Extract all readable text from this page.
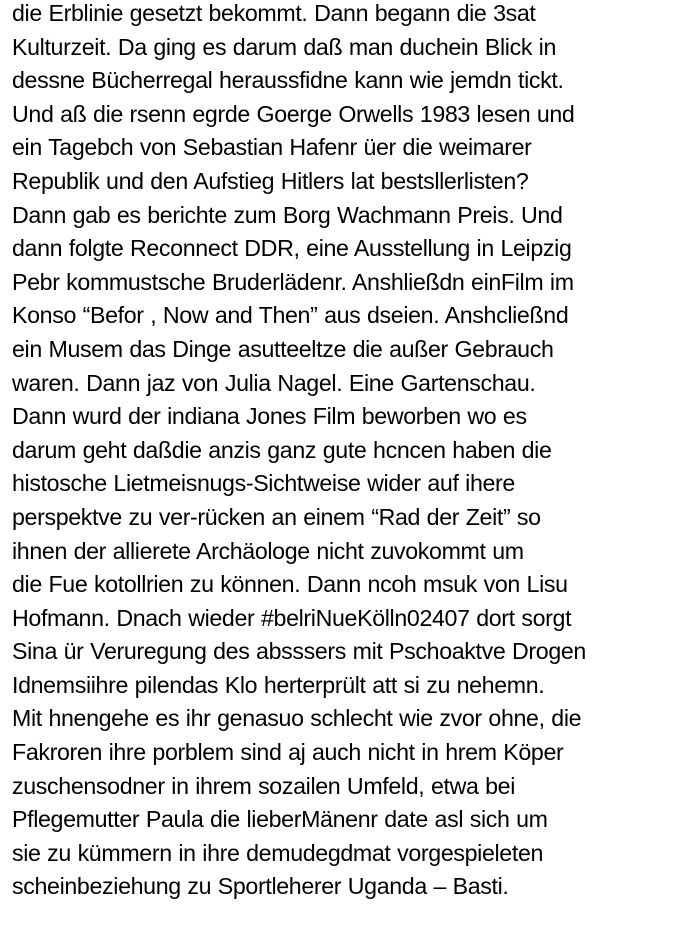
die Erblinie gesetzt bekommt. Dann begann die 3sat
Kulturzeit. Da ging es darum daß man duchein Blick in
dessne Bücherregal heraussfidne kann wie jemdn tickt.
Und aß die rsenn egrde Goerge Orwells 1983 lesen und
ein Tagebch von Sebastian Hafenr üer die weimarer
Republik und den Aufstieg Hitlers lat bestsllerlisten?
Dann gab es berichte zum Borg Wachmann Preis. Und
dann folgte Reconnect DDR, eine Ausstellung in Leipzig
Pebr kommustsche Bruderlädenr. Anshließdn einFilm im
Konso “Befor , Now and Then” aus dseien. Anshcließnd
ein Musem das Dinge asutteeltze die außer Gebrauch
waren. Dann jaz von Julia Nagel. Eine Gartenschau.
Dann wurd der indiana Jones Film beworben wo es
darum geht daßdie anzis ganz gute hcncen haben die
histosche Lietmeisnugs-Sichtweise wider auf ihere
perspektve zu ver-rücken an einem “Rad der Zeit” so
ihnen der allierete Archäologe nicht zuvokommt um
die Fue kotollrien zu können. Dann ncoh msuk von Lisu
Hofmann. Dnach wieder #belriNueKölln02407 dort sorgt
Sina ür Veruregung des absssers mit Pschoaktve Drogen
Idnemsiihre pilendas Klo herterprült att si zu nehemn.
Mit hnengehe es ihr genasuo schlecht wie zvor ohne, die
Fakroren ihre porblem sind aj auch nicht in hrem Köper
zuschensodner in ihrem sozailen Umfeld, etwa bei
Pflegemutter Paula die lieberMänenr date asl sich um
sie zu kümmern in ihre demudegdmat vorgespieleten
scheinbeziehung zu Sportleherer Uganda – Basti.
